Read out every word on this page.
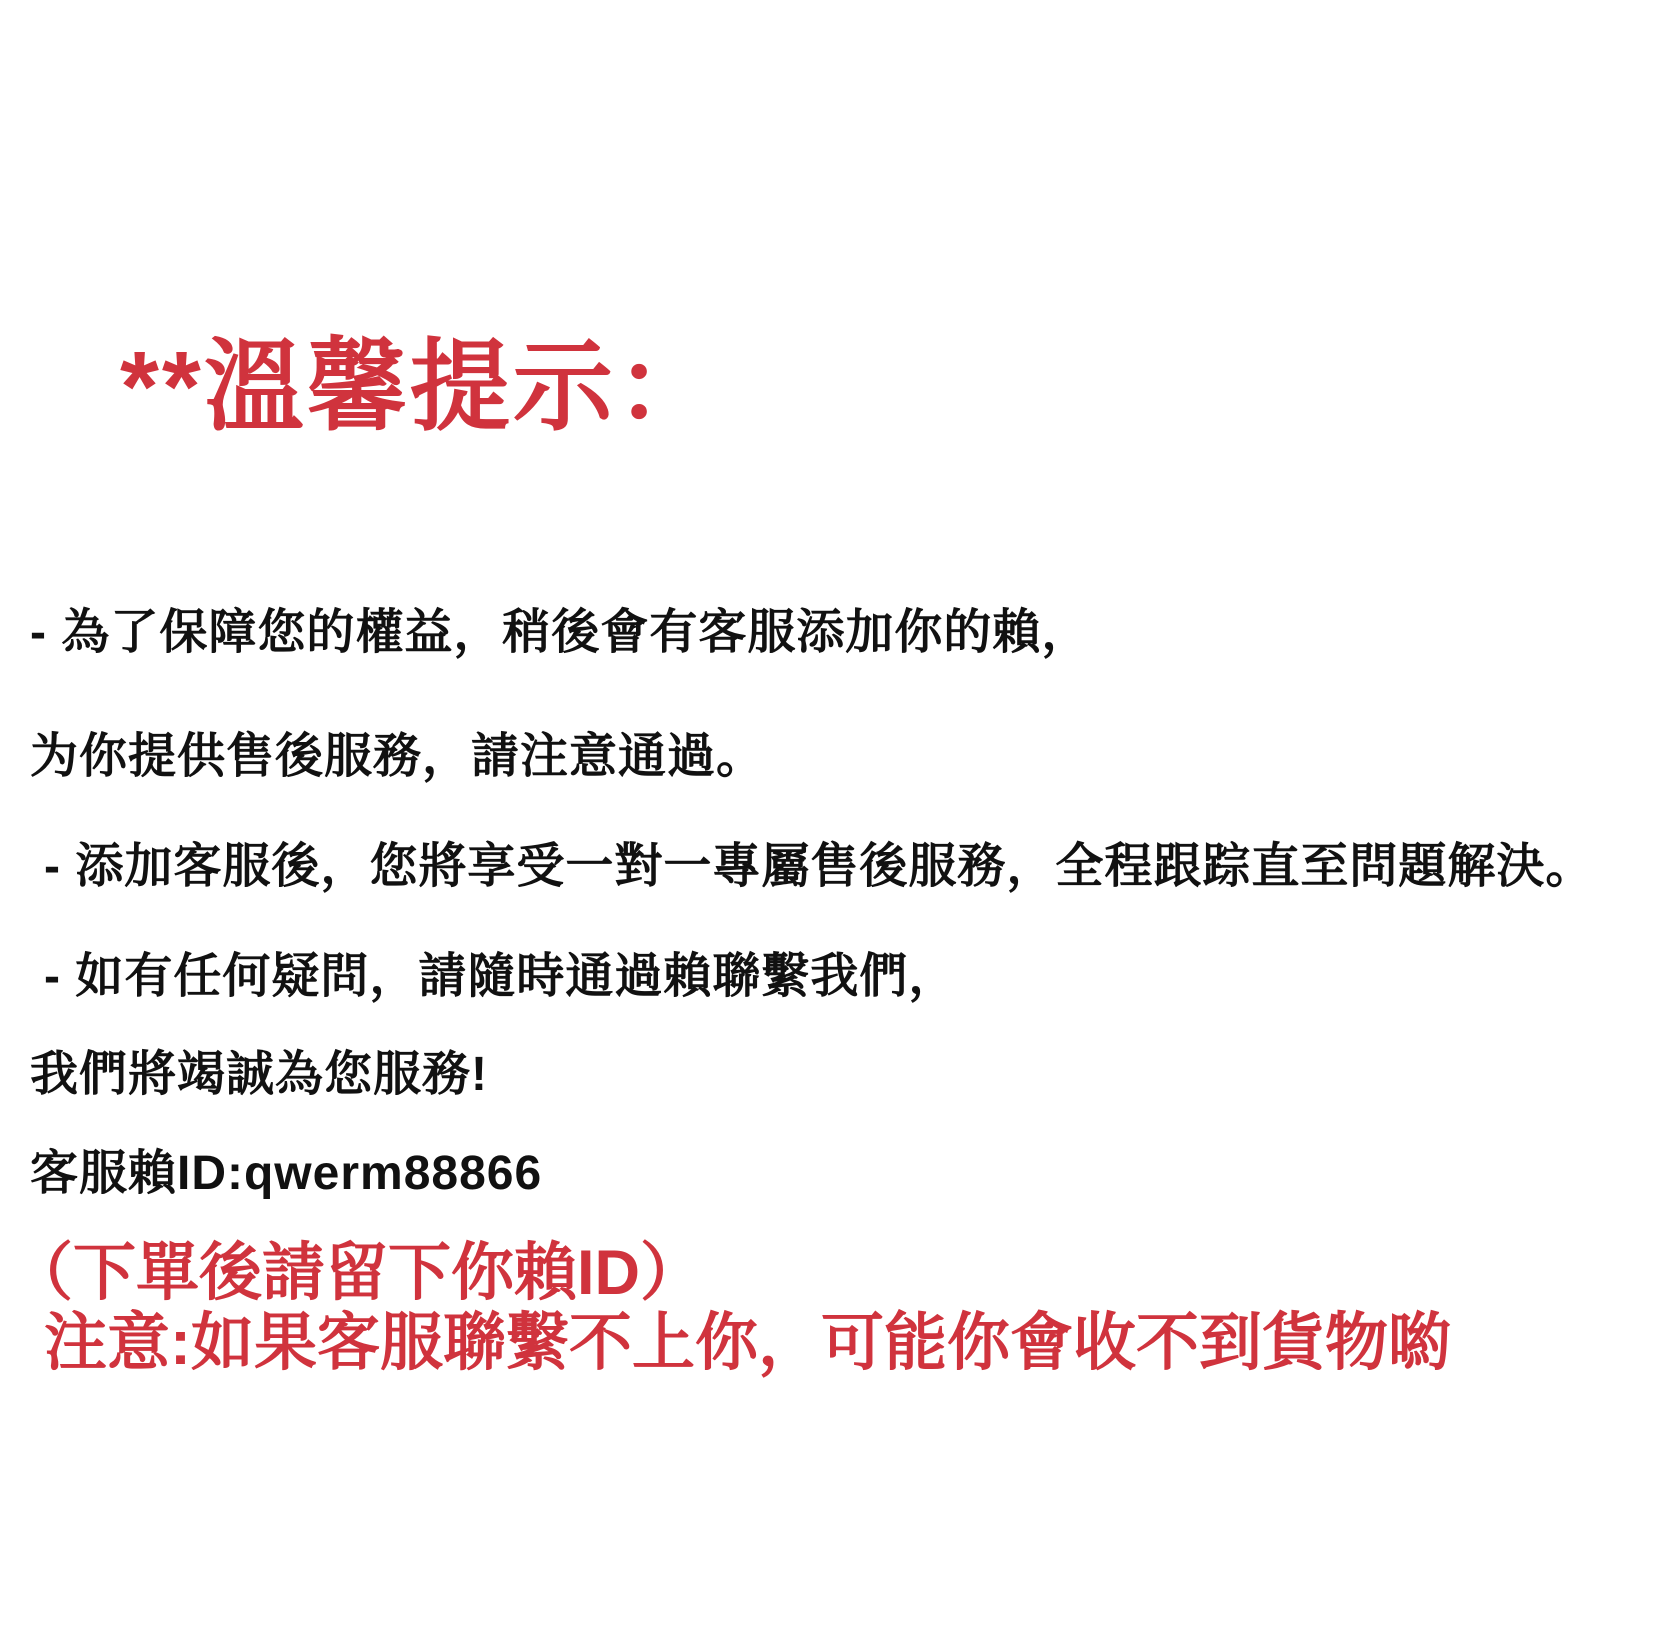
**溫馨提示：
- 為了保障您的權益，稍後會有客服添加你的賴，
为你提供售後服務，請注意通過。
- 添加客服後，您將享受一對一專屬售後服務，全程跟踪直至問題解決。
- 如有任何疑問，請隨時通過賴聯繫我們，
我們將竭誠為您服務!
客服賴ID:qwerm88866
（下單後請留下你賴ID）
注意:如果客服聯繫不上你，可能你會收不到貨物喲
